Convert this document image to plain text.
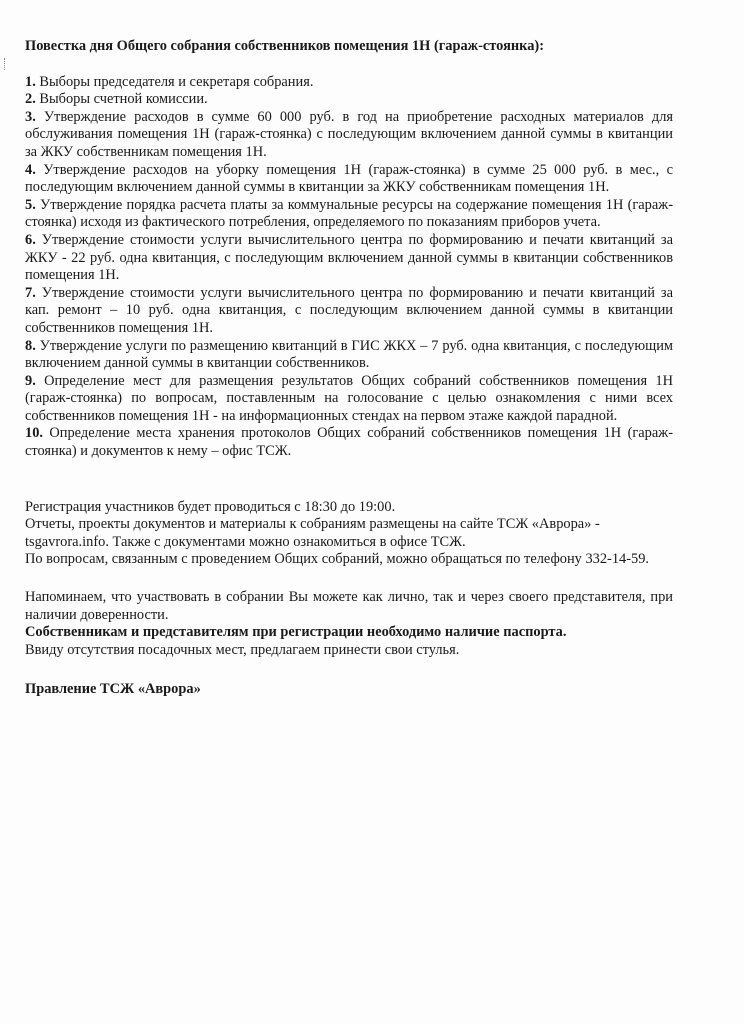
Повестка дня Общего собрания собственников помещения 1Н (гараж-стоянка):

1. Выборы председателя и секретаря собрания.

2. Выборы счетной комиссии.

3. Утверждение расходов в сумме 60 000 руб. в год на приобретение расходных материалов для обслуживания помещения 1Н (гараж-стоянка) с последующим включением данной суммы в квитанции за ЖКУ собственникам помещения 1Н.

4. Утверждение расходов на уборку помещения 1Н (гараж-стоянка) в сумме 25 000 руб. в мес., с последующим включением данной суммы в квитанции за ЖКУ собственникам помещения 1Н.

5. Утверждение порядка расчета платы за коммунальные ресурсы на содержание помещения 1Н (гараж-стоянка) исходя из фактического потребления, определяемого по показаниям приборов учета.

6. Утверждение стоимости услуги вычислительного центра по формированию и печати квитанций за ЖКУ - 22 руб. одна квитанция, с последующим включением данной суммы в квитанции собственников помещения 1Н.

7. Утверждение стоимости услуги вычислительного центра по формированию и печати квитанций за кап. ремонт – 10 руб. одна квитанция, с последующим включением данной суммы в квитанции собственников помещения 1Н.

8. Утверждение услуги по размещению квитанций в ГИС ЖКХ – 7 руб. одна квитанция, с последующим включением данной суммы в квитанции собственников.

9. Определение мест для размещения результатов Общих собраний собственников помещения 1Н (гараж-стоянка) по вопросам, поставленным на голосование с целью ознакомления с ними всех собственников помещения 1Н - на информационных стендах на первом этаже каждой парадной.

10. Определение места хранения протоколов Общих собраний собственников помещения 1Н (гараж-стоянка) и документов к нему – офис ТСЖ.

Регистрация участников будет проводиться с 18:30 до 19:00.

Отчеты, проекты документов и материалы к собраниям размещены на сайте ТСЖ «Аврора» - tsgavrora.info. Также с документами можно ознакомиться в офисе ТСЖ.

По вопросам, связанным с проведением Общих собраний, можно обращаться по телефону 332-14-59.

Напоминаем, что участвовать в собрании Вы можете как лично, так и через своего представителя, при наличии доверенности.

Собственникам и представителям при регистрации необходимо наличие паспорта.

Ввиду отсутствия посадочных мест, предлагаем принести свои стулья.

Правление ТСЖ «Аврора»
